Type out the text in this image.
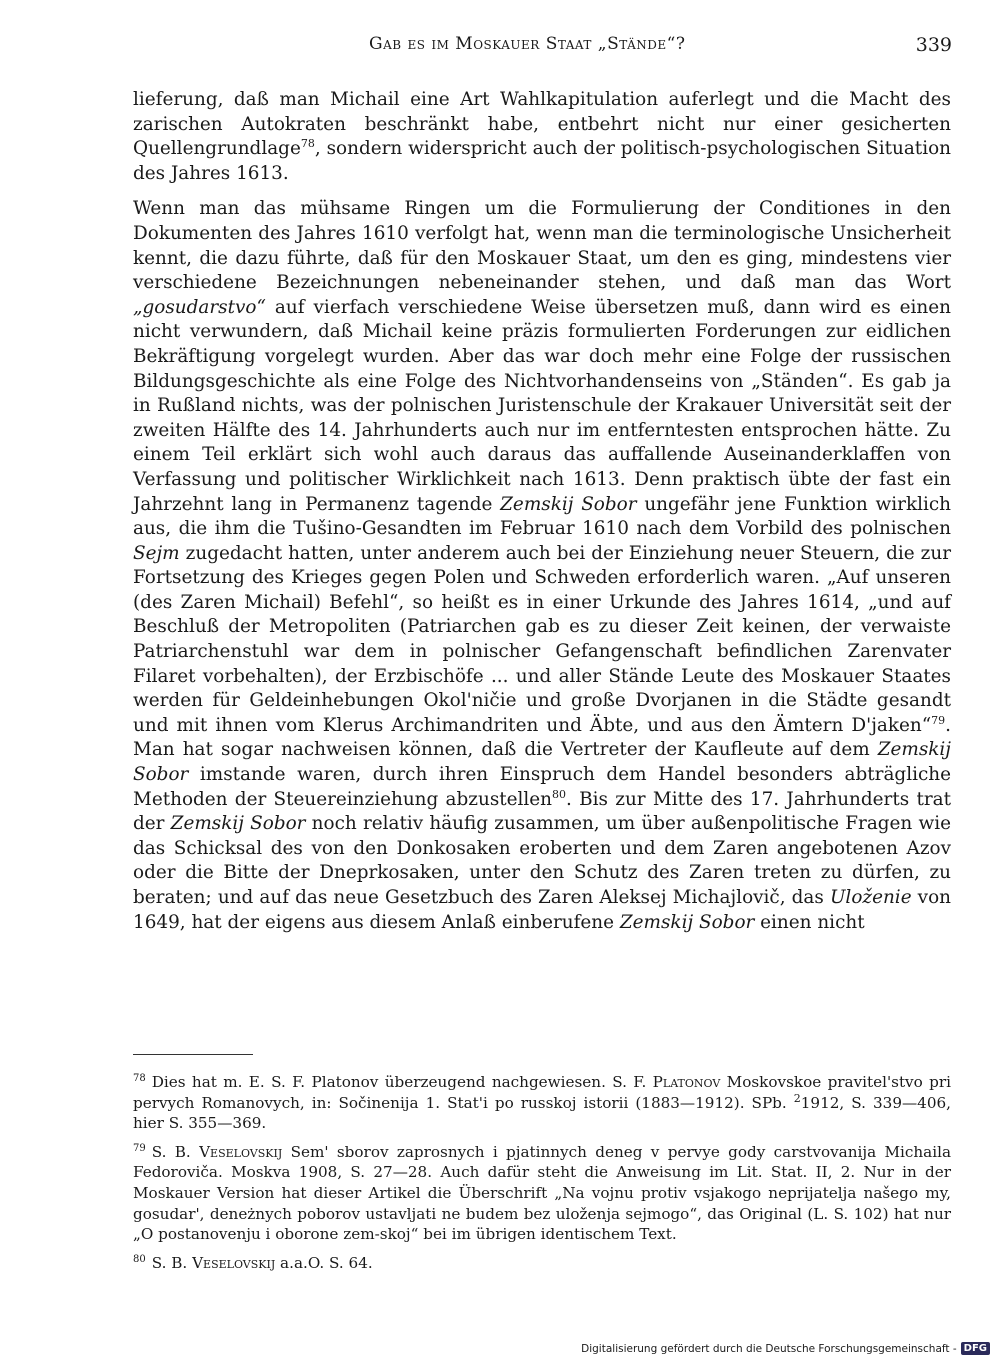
Gab es im Moskauer Staat „Stände“?	339

lieferung, daß man Michail eine Art Wahlkapitulation auferlegt und die Macht des zarischen Autokraten beschränkt habe, entbehrt nicht nur einer gesicherten Quellengrundlage$^{78}$, sondern widerspricht auch der politisch-psychologischen Situation des Jahres 1613.

Wenn man das mühsame Ringen um die Formulierung der Conditiones in den Dokumenten des Jahres 1610 verfolgt hat, wenn man die terminologische Unsicherheit kennt, die dazu führte, daß für den Moskauer Staat, um den es ging, mindestens vier verschiedene Bezeichnungen nebeneinander stehen, und daß man das Wort „gosudarstvo“ auf vierfach verschiedene Weise übersetzen muß, dann wird es einen nicht verwundern, daß Michail keine präzis formulierten Forderungen zur eidlichen Bekräftigung vorgelegt wurden. Aber das war doch mehr eine Folge der russischen Bildungsgeschichte als eine Folge des Nichtvorhandenseins von „Ständen“. Es gab ja in Rußland nichts, was der polnischen Juristenschule der Krakauer Universität seit der zweiten Hälfte des 14. Jahrhunderts auch nur im entferntesten entsprochen hätte. Zu einem Teil erklärt sich wohl auch daraus das auffallende Auseinanderklaffen von Verfassung und politischer Wirklichkeit nach 1613. Denn praktisch übte der fast ein Jahrzehnt lang in Permanenz tagende Zemskij Sobor ungefähr jene Funktion wirklich aus, die ihm die Tušino-Gesandten im Februar 1610 nach dem Vorbild des polnischen Sejm zugedacht hatten, unter anderem auch bei der Einziehung neuer Steuern, die zur Fortsetzung des Krieges gegen Polen und Schweden erforderlich waren. „Auf unseren (des Zaren Michail) Befehl“, so heißt es in einer Urkunde des Jahres 1614, „und auf Beschluß der Metropoliten (Patriarchen gab es zu dieser Zeit keinen, der verwaiste Patriarchenstuhl war dem in polnischer Gefangenschaft befindlichen Zarenvater Filaret vorbehalten), der Erzbischöfe ... und aller Stände Leute des Moskauer Staates werden für Geldeinhebungen Okol'ničie und große Dvorjanen in die Städte gesandt und mit ihnen vom Klerus Archimandriten und Äbte, und aus den Ämtern D'jaken“$^{79}$. Man hat sogar nachweisen können, daß die Vertreter der Kaufleute auf dem Zemskij Sobor imstande waren, durch ihren Einspruch dem Handel besonders abträgliche Methoden der Steuereinziehung abzustellen$^{80}$. Bis zur Mitte des 17. Jahrhunderts trat der Zemskij Sobor noch relativ häufig zusammen, um über außenpolitische Fragen wie das Schicksal des von den Donkosaken eroberten und dem Zaren angebotenen Azov oder die Bitte der Dneprkosaken, unter den Schutz des Zaren treten zu dürfen, zu beraten; und auf das neue Gesetzbuch des Zaren Aleksej Michajlovič, das Uloženie von 1649, hat der eigens aus diesem Anlaß einberufene Zemskij Sobor einen nicht

$^{78}$ Dies hat m. E. S. F. Platonov überzeugend nachgewiesen. S. F. Platonov Moskovskoe pravitel'stvo pri pervych Romanovych, in: Sočinenija 1. Stat'i po russkoj istorii (1883—1912). SPb. $^2$1912, S. 339—406, hier S. 355—369.

$^{79}$ S. B. Veselovskij Sem' sborov zaprosnych i pjatinnych deneg v pervye gody carstvovanija Michaila Fedoroviča. Moskva 1908, S. 27—28. Auch dafür steht die Anweisung im Lit. Stat. II, 2. Nur in der Moskauer Version hat dieser Artikel die Überschrift „Na vojnu protiv vsjakogo neprijatelja našego my, gosudar', deneżnych poborov ustavljati ne budem bez uloženja sejmogo“, das Original (L. S. 102) hat nur „O postanovenju i oborone zem-skoj“ bei im übrigen identischem Text.

$^{80}$ S. B. Veselovskij a.a.O. S. 64.

Digitalisierung gefördert durch die Deutsche Forschungsgemeinschaft - DFG
